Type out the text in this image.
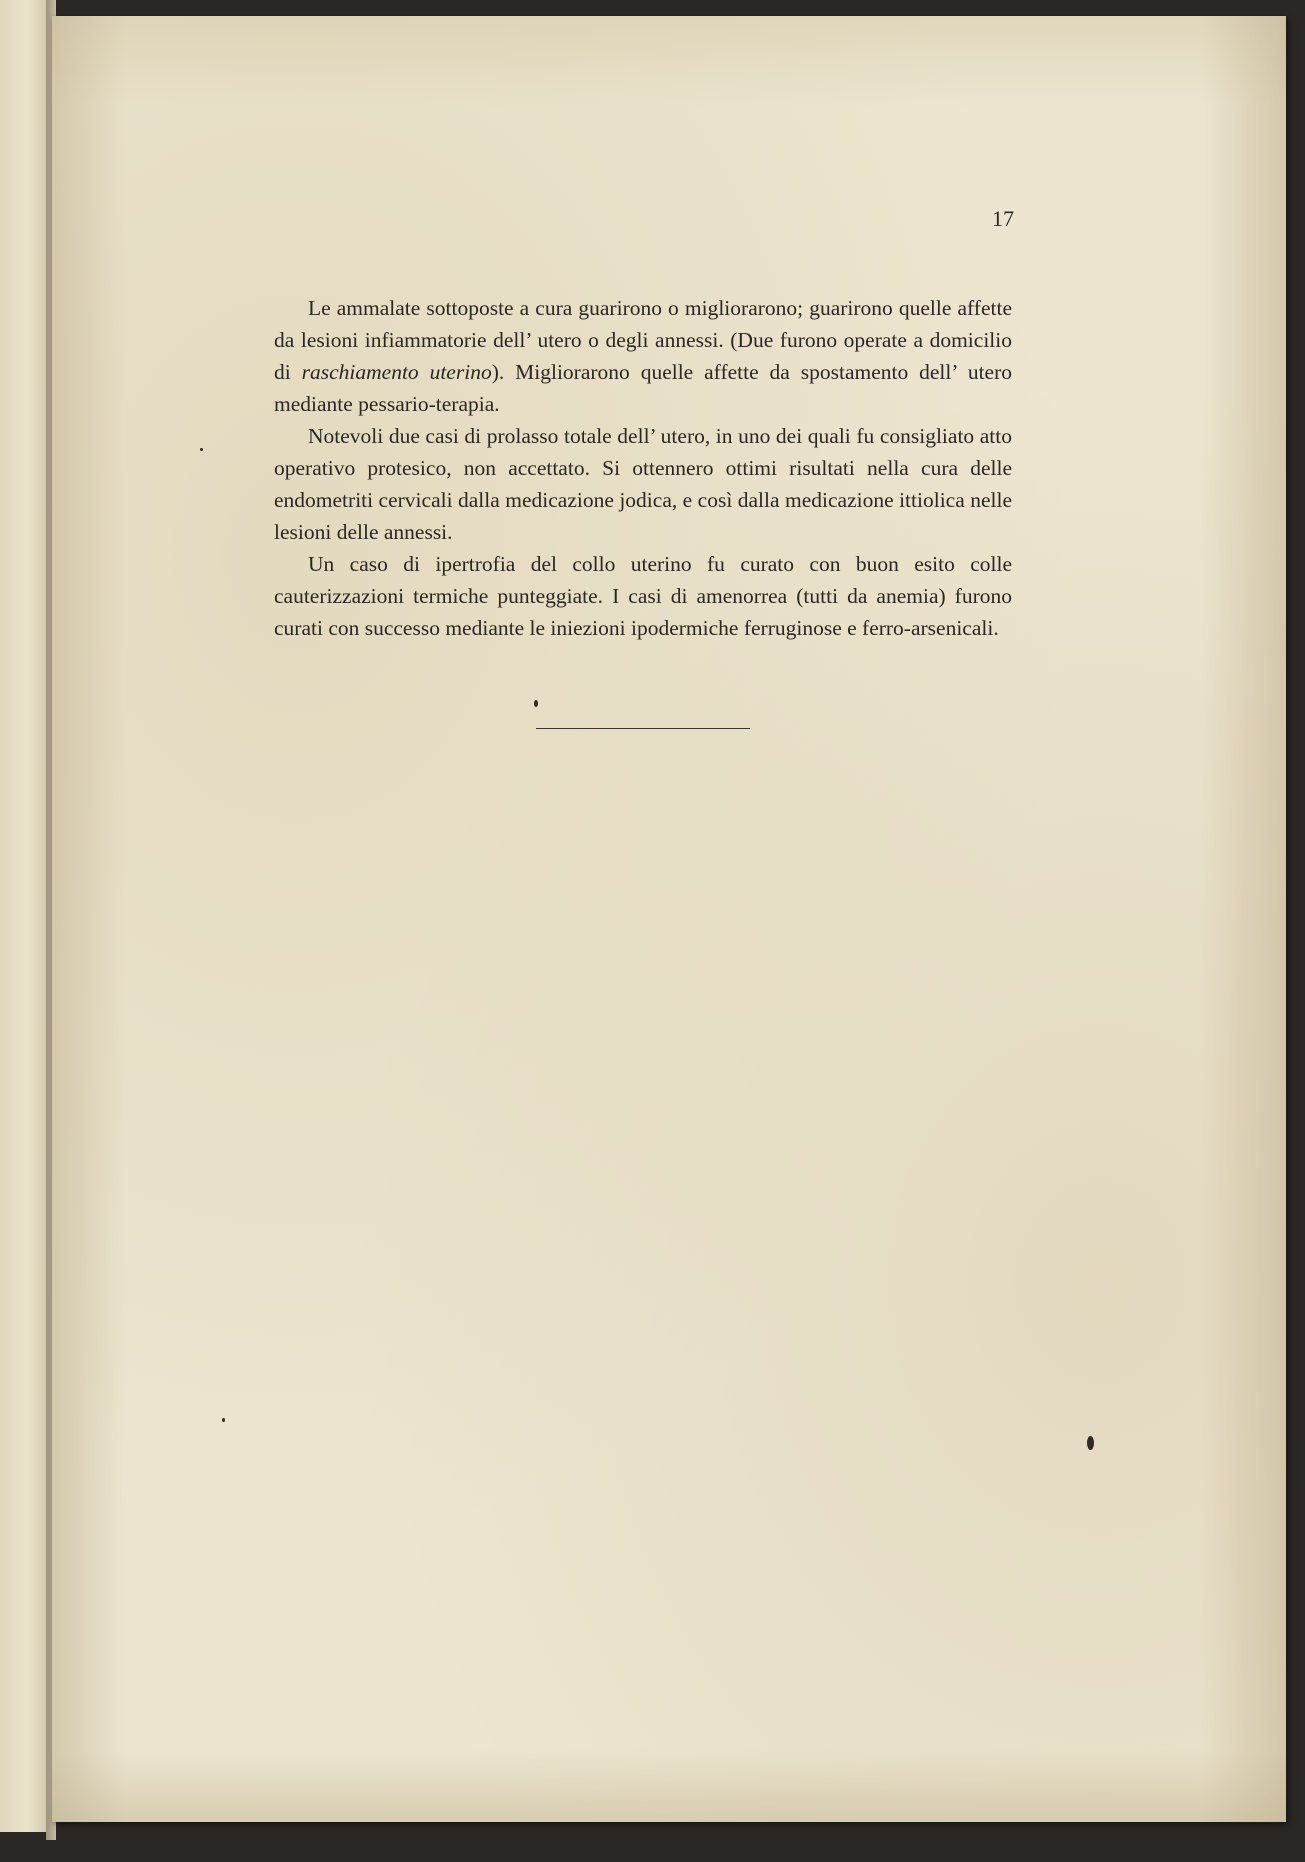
17

Le ammalate sottoposte a cura guarirono o migliorarono; guarirono quelle affette da lesioni infiammatorie dell’ utero o degli annessi. (Due furono operate a domicilio di raschiamento uterino). Migliorarono quelle affette da spostamento dell’ utero mediante pessario-terapia.

Notevoli due casi di prolasso totale dell’ utero, in uno dei quali fu consigliato atto operativo protesico, non accettato. Si ottennero ottimi risultati nella cura delle endometriti cervicali dalla medicazione jodica, e così dalla medicazione ittiolica nelle lesioni delle annessi.

Un caso di ipertrofia del collo uterino fu curato con buon esito colle cauterizzazioni termiche punteggiate. I casi di amenorrea (tutti da anemia) furono curati con successo mediante le iniezioni ipodermiche ferruginose e ferro-arsenicali.
